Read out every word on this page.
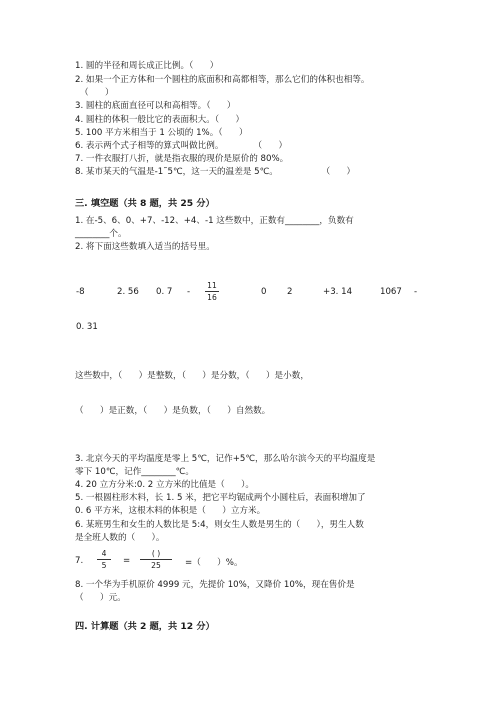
1. 圆的半径和周长成正比例。（      ）
2. 如果一个正方体和一个圆柱的底面积和高都相等，那么它们的体积也相等。
（      ）
3. 圆柱的底面直径可以和高相等。（      ）
4. 圆柱的体积一般比它的表面积大。（      ）
5. 100 平方米相当于 1 公顷的 1%。（      ）
6. 表示两个式子相等的算式叫做比例。           （      ）
7. 一件衣服打八折，就是指衣服的现价是原价的 80%。
8. 某市某天的气温是-1˜5℃，这一天的温差是 5℃。                （      ）
三. 填空题（共 8 题，共 25 分）
1. 在-5、6、0、+7、-12、+4、-1 这些数中，正数有________，负数有
________个。
2. 将下面这些数填入适当的括号里。
-8	2. 56 0. 7 -
11
16
0 2	+3. 14	1067 -
0. 31
这些数中，（      ）是整数，（      ）是分数，（      ）是小数，
（      ）是正数，（      ）是负数，（      ）自然数。
3. 北京今天的平均温度是零上 5℃，记作+5℃，那么哈尔滨今天的平均温度是
零下 10℃，记作________℃。
4. 20 立方分米:0. 2 立方米的比值是（      ）。
5. 一根圆柱形木料，长 1. 5 米，把它平均锯成两个小圆柱后，表面积增加了
0. 6 平方米，这根木料的体积是（      ）立方米。
6. 某班男生和女生的人数比是 5:4，则女生人数是男生的（      ），男生人数
是全班人数的（      ）。
7.
4
5	=
( )
25	=（      ）%。
8. 一个华为手机原价 4999 元，先提价 10%，又降价 10%，现在售价是
（      ）元。
四. 计算题（共 2 题，共 12 分）
